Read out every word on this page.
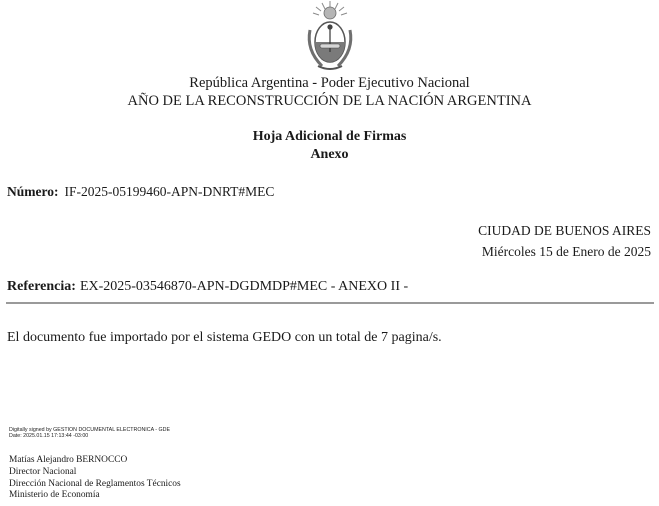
República Argentina - Poder Ejecutivo Nacional
AÑO DE LA RECONSTRUCCIÓN DE LA NACIÓN ARGENTINA
Hoja Adicional de Firmas
Anexo
Número: IF-2025-05199460-APN-DNRT#MEC
CIUDAD DE BUENOS AIRES
Miércoles 15 de Enero de 2025
Referencia: EX-2025-03546870-APN-DGDMDP#MEC - ANEXO II -
El documento fue importado por el sistema GEDO con un total de 7 pagina/s.
Digitally signed by GESTION DOCUMENTAL ELECTRONICA - GDE
Date: 2025.01.15 17:13:44 -03:00
Matías Alejandro BERNOCCO
Director Nacional
Dirección Nacional de Reglamentos Técnicos
Ministerio de Economía
